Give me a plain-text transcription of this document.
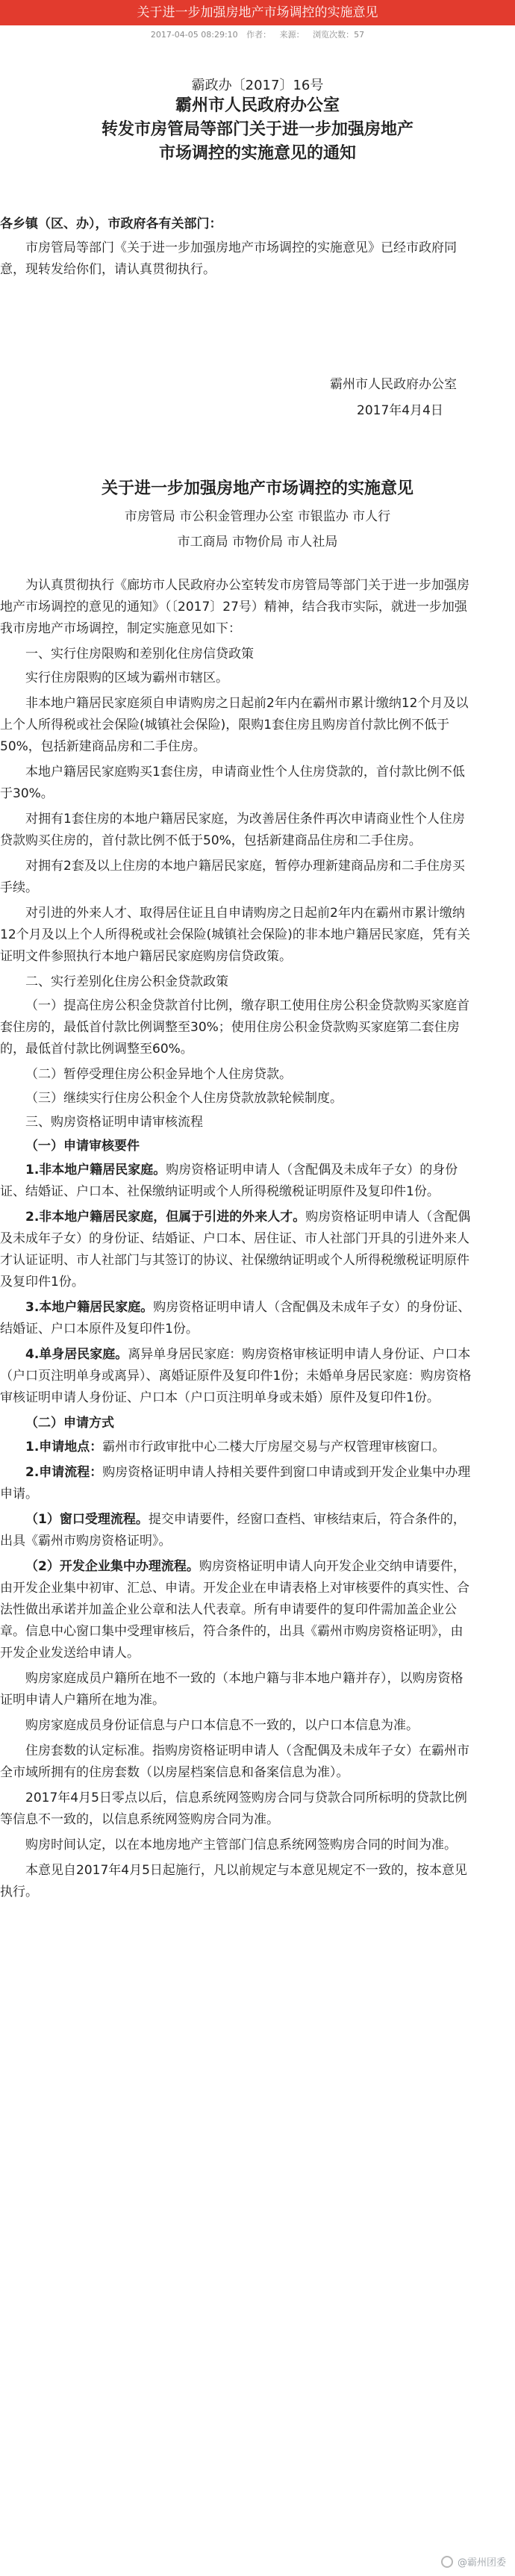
关于进一步加强房地产市场调控的实施意见
2017-04-05 08:29:10 作者： 来源： 浏览次数：57
霸政办〔2017〕16号
霸州市人民政府办公室
转发市房管局等部门关于进一步加强房地产
市场调控的实施意见的通知
各乡镇（区、办），市政府各有关部门：
市房管局等部门《关于进一步加强房地产市场调控的实施意见》已经市政府同意，现转发给你们，请认真贯彻执行。
霸州市人民政府办公室
2017年4月4日
关于进一步加强房地产市场调控的实施意见
市房管局 市公积金管理办公室 市银监办 市人行
市工商局 市物价局 市人社局
为认真贯彻执行《廊坊市人民政府办公室转发市房管局等部门关于进一步加强房地产市场调控的意见的通知》（〔2017〕27号）精神，结合我市实际，就进一步加强我市房地产市场调控，制定实施意见如下：
一、实行住房限购和差别化住房信贷政策
实行住房限购的区域为霸州市辖区。
非本地户籍居民家庭须自申请购房之日起前2年内在霸州市累计缴纳12个月及以上个人所得税或社会保险(城镇社会保险)，限购1套住房且购房首付款比例不低于50%，包括新建商品房和二手住房。
本地户籍居民家庭购买1套住房，申请商业性个人住房贷款的，首付款比例不低于30%。
对拥有1套住房的本地户籍居民家庭，为改善居住条件再次申请商业性个人住房贷款购买住房的，首付款比例不低于50%，包括新建商品住房和二手住房。
对拥有2套及以上住房的本地户籍居民家庭，暂停办理新建商品房和二手住房买手续。
对引进的外来人才、取得居住证且自申请购房之日起前2年内在霸州市累计缴纳12个月及以上个人所得税或社会保险(城镇社会保险)的非本地户籍居民家庭，凭有关证明文件参照执行本地户籍居民家庭购房信贷政策。
二、实行差别化住房公积金贷款政策
（一）提高住房公积金贷款首付比例，缴存职工使用住房公积金贷款购买家庭首套住房的，最低首付款比例调整至30%；使用住房公积金贷款购买家庭第二套住房的，最低首付款比例调整至60%。
（二）暂停受理住房公积金异地个人住房贷款。
（三）继续实行住房公积金个人住房贷款放款轮候制度。
三、购房资格证明申请审核流程
（一）申请审核要件
1.非本地户籍居民家庭。购房资格证明申请人（含配偶及未成年子女）的身份证、结婚证、户口本、社保缴纳证明或个人所得税缴税证明原件及复印件1份。
2.非本地户籍居民家庭，但属于引进的外来人才。购房资格证明申请人（含配偶及未成年子女）的身份证、结婚证、户口本、居住证、市人社部门开具的引进外来人才认证证明、市人社部门与其签订的协议、社保缴纳证明或个人所得税缴税证明原件及复印件1份。
3.本地户籍居民家庭。购房资格证明申请人（含配偶及未成年子女）的身份证、结婚证、户口本原件及复印件1份。
4.单身居民家庭。离异单身居民家庭：购房资格审核证明申请人身份证、户口本（户口页注明单身或离异）、离婚证原件及复印件1份；未婚单身居民家庭：购房资格审核证明申请人身份证、户口本（户口页注明单身或未婚）原件及复印件1份。
（二）申请方式
1.申请地点：霸州市行政审批中心二楼大厅房屋交易与产权管理审核窗口。
2.申请流程：购房资格证明申请人持相关要件到窗口申请或到开发企业集中办理申请。
（1）窗口受理流程。提交申请要件，经窗口查档、审核结束后，符合条件的，出具《霸州市购房资格证明》。
（2）开发企业集中办理流程。购房资格证明申请人向开发企业交纳申请要件，由开发企业集中初审、汇总、申请。开发企业在申请表格上对审核要件的真实性、合法性做出承诺并加盖企业公章和法人代表章。所有申请要件的复印件需加盖企业公章。信息中心窗口集中受理审核后，符合条件的，出具《霸州市购房资格证明》，由开发企业发送给申请人。
购房家庭成员户籍所在地不一致的（本地户籍与非本地户籍并存），以购房资格证明申请人户籍所在地为准。
购房家庭成员身份证信息与户口本信息不一致的，以户口本信息为准。
住房套数的认定标准。指购房资格证明申请人（含配偶及未成年子女）在霸州市全市域所拥有的住房套数（以房屋档案信息和备案信息为准）。
2017年4月5日零点以后，信息系统网签购房合同与贷款合同所标明的贷款比例等信息不一致的，以信息系统网签购房合同为准。
购房时间认定，以在本地房地产主管部门信息系统网签购房合同的时间为准。
本意见自2017年4月5日起施行，凡以前规定与本意见规定不一致的，按本意见执行。
@霸州团委
